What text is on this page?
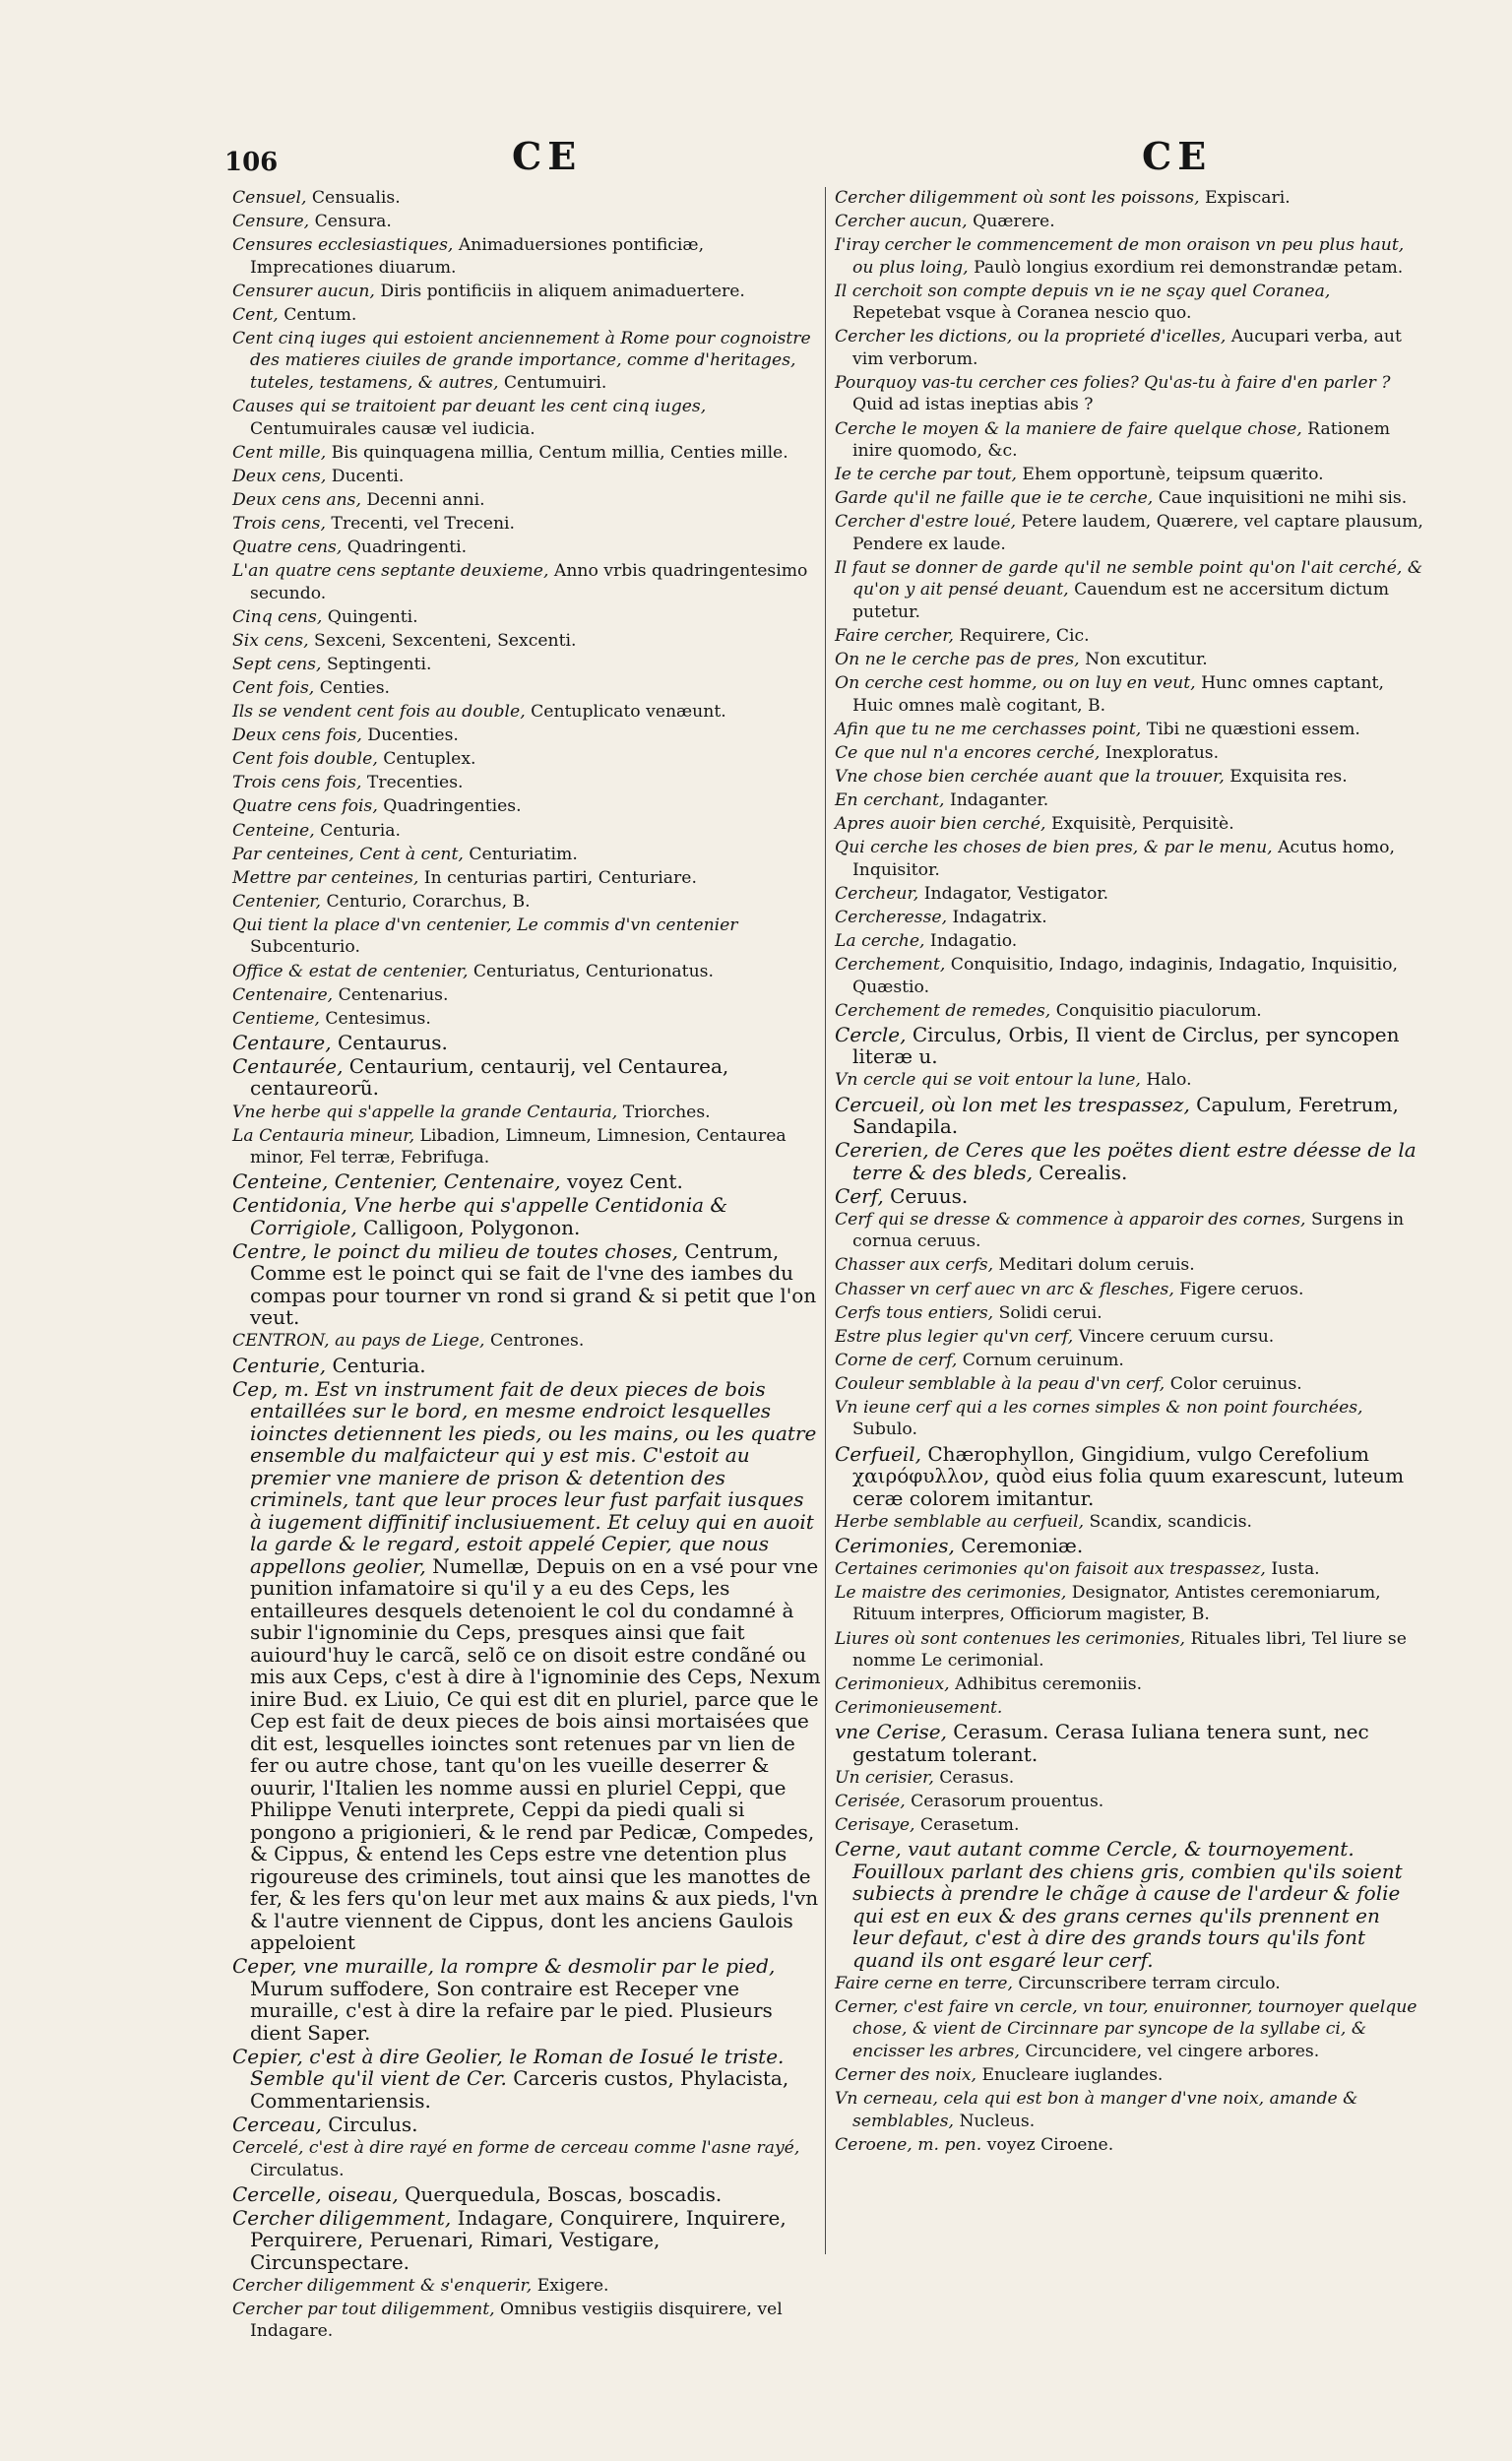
106	CE	CE

Censuel, Censualis.

Censure, Censura.

Censures ecclesiastiques, Animaduersiones pontificiæ, Imprecationes diuarum.

Censurer aucun, Diris pontificiis in aliquem animaduertere.

Cent, Centum.

Cent cinq iuges qui estoient anciennement à Rome pour cognoistre des matieres ciuiles de grande importance, comme d'heritages, tuteles, testamens, & autres, Centumuiri.

Causes qui se traitoient par deuant les cent cinq iuges, Centumuirales causæ vel iudicia.

Cent mille, Bis quinquagena millia, Centum millia, Centies mille.

Deux cens, Ducenti.

Deux cens ans, Decenni anni.

Trois cens, Trecenti, vel Treceni.

Quatre cens, Quadringenti.

L'an quatre cens septante deuxieme, Anno vrbis quadringentesimo secundo.

Cinq cens, Quingenti.

Six cens, Sexceni, Sexcenteni, Sexcenti.

Sept cens, Septingenti.

Cent fois, Centies.

Ils se vendent cent fois au double, Centuplicato venæunt.

Deux cens fois, Ducenties.

Cent fois double, Centuplex.

Trois cens fois, Trecenties.

Quatre cens fois, Quadringenties.

Centeine, Centuria.

Par centeines, Cent à cent, Centuriatim.

Mettre par centeines, In centurias partiri, Centuriare.

Centenier, Centurio, Corarchus, B.

Qui tient la place d'vn centenier, Le commis d'vn centenier Subcenturio.

Office & estat de centenier, Centuriatus, Centurionatus.

Centenaire, Centenarius.

Centieme, Centesimus.

Centaure, Centaurus.

Centaurée, Centaurium, centaurij, vel Centaurea, centaureorũ.

Vne herbe qui s'appelle la grande Centauria, Triorches.

La Centauria mineur, Libadion, Limneum, Limnesion, Centaurea minor, Fel terræ, Febrifuga.

Centeine, Centenier, Centenaire, voyez Cent.

Centidonia, Vne herbe qui s'appelle Centidonia & Corrigiole, Calligoon, Polygonon.

Centre, le poinct du milieu de toutes choses, Centrum, Comme est le poinct qui se fait de l'vne des iambes du compas pour tourner vn rond si grand & si petit que l'on veut.

CENTRON, au pays de Liege, Centrones.

Centurie, Centuria.

Cep, m. Est vn instrument fait de deux pieces de bois entaillées sur le bord, en mesme endroict lesquelles ioinctes detiennent les pieds, ou les mains, ou les quatre ensemble du malfaicteur qui y est mis. C'estoit au premier vne maniere de prison & detention des criminels, tant que leur proces leur fust parfait iusques à iugement diffinitif inclusiuement. Et celuy qui en auoit la garde & le regard, estoit appelé Cepier, que nous appellons geolier, Numellæ, Depuis on en a vsé pour vne punition infamatoire si qu'il y a eu des Ceps, les entailleures desquels detenoient le col du condamné à subir l'ignominie du Ceps, presques ainsi que fait auiourd'huy le carcã, selõ ce on disoit estre condãné ou mis aux Ceps, c'est à dire à l'ignominie des Ceps, Nexum inire Bud. ex Liuio, Ce qui est dit en pluriel, parce que le Cep est fait de deux pieces de bois ainsi mortaisées que dit est, lesquelles ioinctes sont retenues par vn lien de fer ou autre chose, tant qu'on les vueille deserrer & ouurir, l'Italien les nomme aussi en pluriel Ceppi, que Philippe Venuti interprete, Ceppi da piedi quali si pongono a prigionieri, & le rend par Pedicæ, Compedes, & Cippus, & entend les Ceps estre vne detention plus rigoureuse des criminels, tout ainsi que les manottes de fer, & les fers qu'on leur met aux mains & aux pieds, l'vn & l'autre viennent de Cippus, dont les anciens Gaulois appeloient

Ceper, vne muraille, la rompre & desmolir par le pied, Murum suffodere, Son contraire est Receper vne muraille, c'est à dire la refaire par le pied. Plusieurs dient Saper.

Cepier, c'est à dire Geolier, le Roman de Iosué le triste. Semble qu'il vient de Cer. Carceris custos, Phylacista, Commentariensis.

Cerceau, Circulus.

Cercelé, c'est à dire rayé en forme de cerceau comme l'asne rayé, Circulatus.

Cercelle, oiseau, Querquedula, Boscas, boscadis.

Cercher diligemment, Indagare, Conquirere, Inquirere, Perquirere, Peruenari, Rimari, Vestigare, Circunspectare.

Cercher diligemment & s'enquerir, Exigere.

Cercher par tout diligemment, Omnibus vestigiis disquirere, vel Indagare.

Cercher diligemment où sont les poissons, Expiscari.

Cercher aucun, Quærere.

I'iray cercher le commencement de mon oraison vn peu plus haut, ou plus loing, Paulò longius exordium rei demonstrandæ petam.

Il cerchoit son compte depuis vn ie ne sçay quel Coranea, Repetebat vsque à Coranea nescio quo.

Cercher les dictions, ou la proprieté d'icelles, Aucupari verba, aut vim verborum.

Pourquoy vas-tu cercher ces folies? Qu'as-tu à faire d'en parler ? Quid ad istas ineptias abis ?

Cerche le moyen & la maniere de faire quelque chose, Rationem inire quomodo, &c.

Ie te cerche par tout, Ehem opportunè, teipsum quærito.

Garde qu'il ne faille que ie te cerche, Caue inquisitioni ne mihi sis.

Cercher d'estre loué, Petere laudem, Quærere, vel captare plausum, Pendere ex laude.

Il faut se donner de garde qu'il ne semble point qu'on l'ait cerché, & qu'on y ait pensé deuant, Cauendum est ne accersitum dictum putetur.

Faire cercher, Requirere, Cic.

On ne le cerche pas de pres, Non excutitur.

On cerche cest homme, ou on luy en veut, Hunc omnes captant, Huic omnes malè cogitant, B.

Afin que tu ne me cerchasses point, Tibi ne quæstioni essem.

Ce que nul n'a encores cerché, Inexploratus.

Vne chose bien cerchée auant que la trouuer, Exquisita res.

En cerchant, Indaganter.

Apres auoir bien cerché, Exquisitè, Perquisitè.

Qui cerche les choses de bien pres, & par le menu, Acutus homo, Inquisitor.

Cercheur, Indagator, Vestigator.

Cercheresse, Indagatrix.

La cerche, Indagatio.

Cerchement, Conquisitio, Indago, indaginis, Indagatio, Inquisitio, Quæstio.

Cerchement de remedes, Conquisitio piaculorum.

Cercle, Circulus, Orbis, Il vient de Circlus, per syncopen literæ u.

Vn cercle qui se voit entour la lune, Halo.

Cercueil, où lon met les trespassez, Capulum, Feretrum, Sandapila.

Cererien, de Ceres que les poëtes dient estre déesse de la terre & des bleds, Cerealis.

Cerf, Ceruus.

Cerf qui se dresse & commence à apparoir des cornes, Surgens in cornua ceruus.

Chasser aux cerfs, Meditari dolum ceruis.

Chasser vn cerf auec vn arc & flesches, Figere ceruos.

Cerfs tous entiers, Solidi cerui.

Estre plus legier qu'vn cerf, Vincere ceruum cursu.

Corne de cerf, Cornum ceruinum.

Couleur semblable à la peau d'vn cerf, Color ceruinus.

Vn ieune cerf qui a les cornes simples & non point fourchées, Subulo.

Cerfueil, Chærophyllon, Gingidium, vulgo Cerefolium χαιρόφυλλον, quòd eius folia quum exarescunt, luteum ceræ colorem imitantur.

Herbe semblable au cerfueil, Scandix, scandicis.

Cerimonies, Ceremoniæ.

Certaines cerimonies qu'on faisoit aux trespassez, Iusta.

Le maistre des cerimonies, Designator, Antistes ceremoniarum, Rituum interpres, Officiorum magister, B.

Liures où sont contenues les cerimonies, Rituales libri, Tel liure se nomme Le cerimonial.

Cerimonieux, Adhibitus ceremoniis.

Cerimonieusement.

vne Cerise, Cerasum. Cerasa Iuliana tenera sunt, nec gestatum tolerant.

Un cerisier, Cerasus.

Cerisée, Cerasorum prouentus.

Cerisaye, Cerasetum.

Cerne, vaut autant comme Cercle, & tournoyement. Fouilloux parlant des chiens gris, combien qu'ils soient subiects à prendre le chãge à cause de l'ardeur & folie qui est en eux & des grans cernes qu'ils prennent en leur defaut, c'est à dire des grands tours qu'ils font quand ils ont esgaré leur cerf.

Faire cerne en terre, Circunscribere terram circulo.

Cerner, c'est faire vn cercle, vn tour, enuironner, tournoyer quelque chose, & vient de Circinnare par syncope de la syllabe ci, & encisser les arbres, Circuncidere, vel cingere arbores.

Cerner des noix, Enucleare iuglandes.

Vn cerneau, cela qui est bon à manger d'vne noix, amande & semblables, Nucleus.

Ceroene, m. pen. voyez Ciroene.
